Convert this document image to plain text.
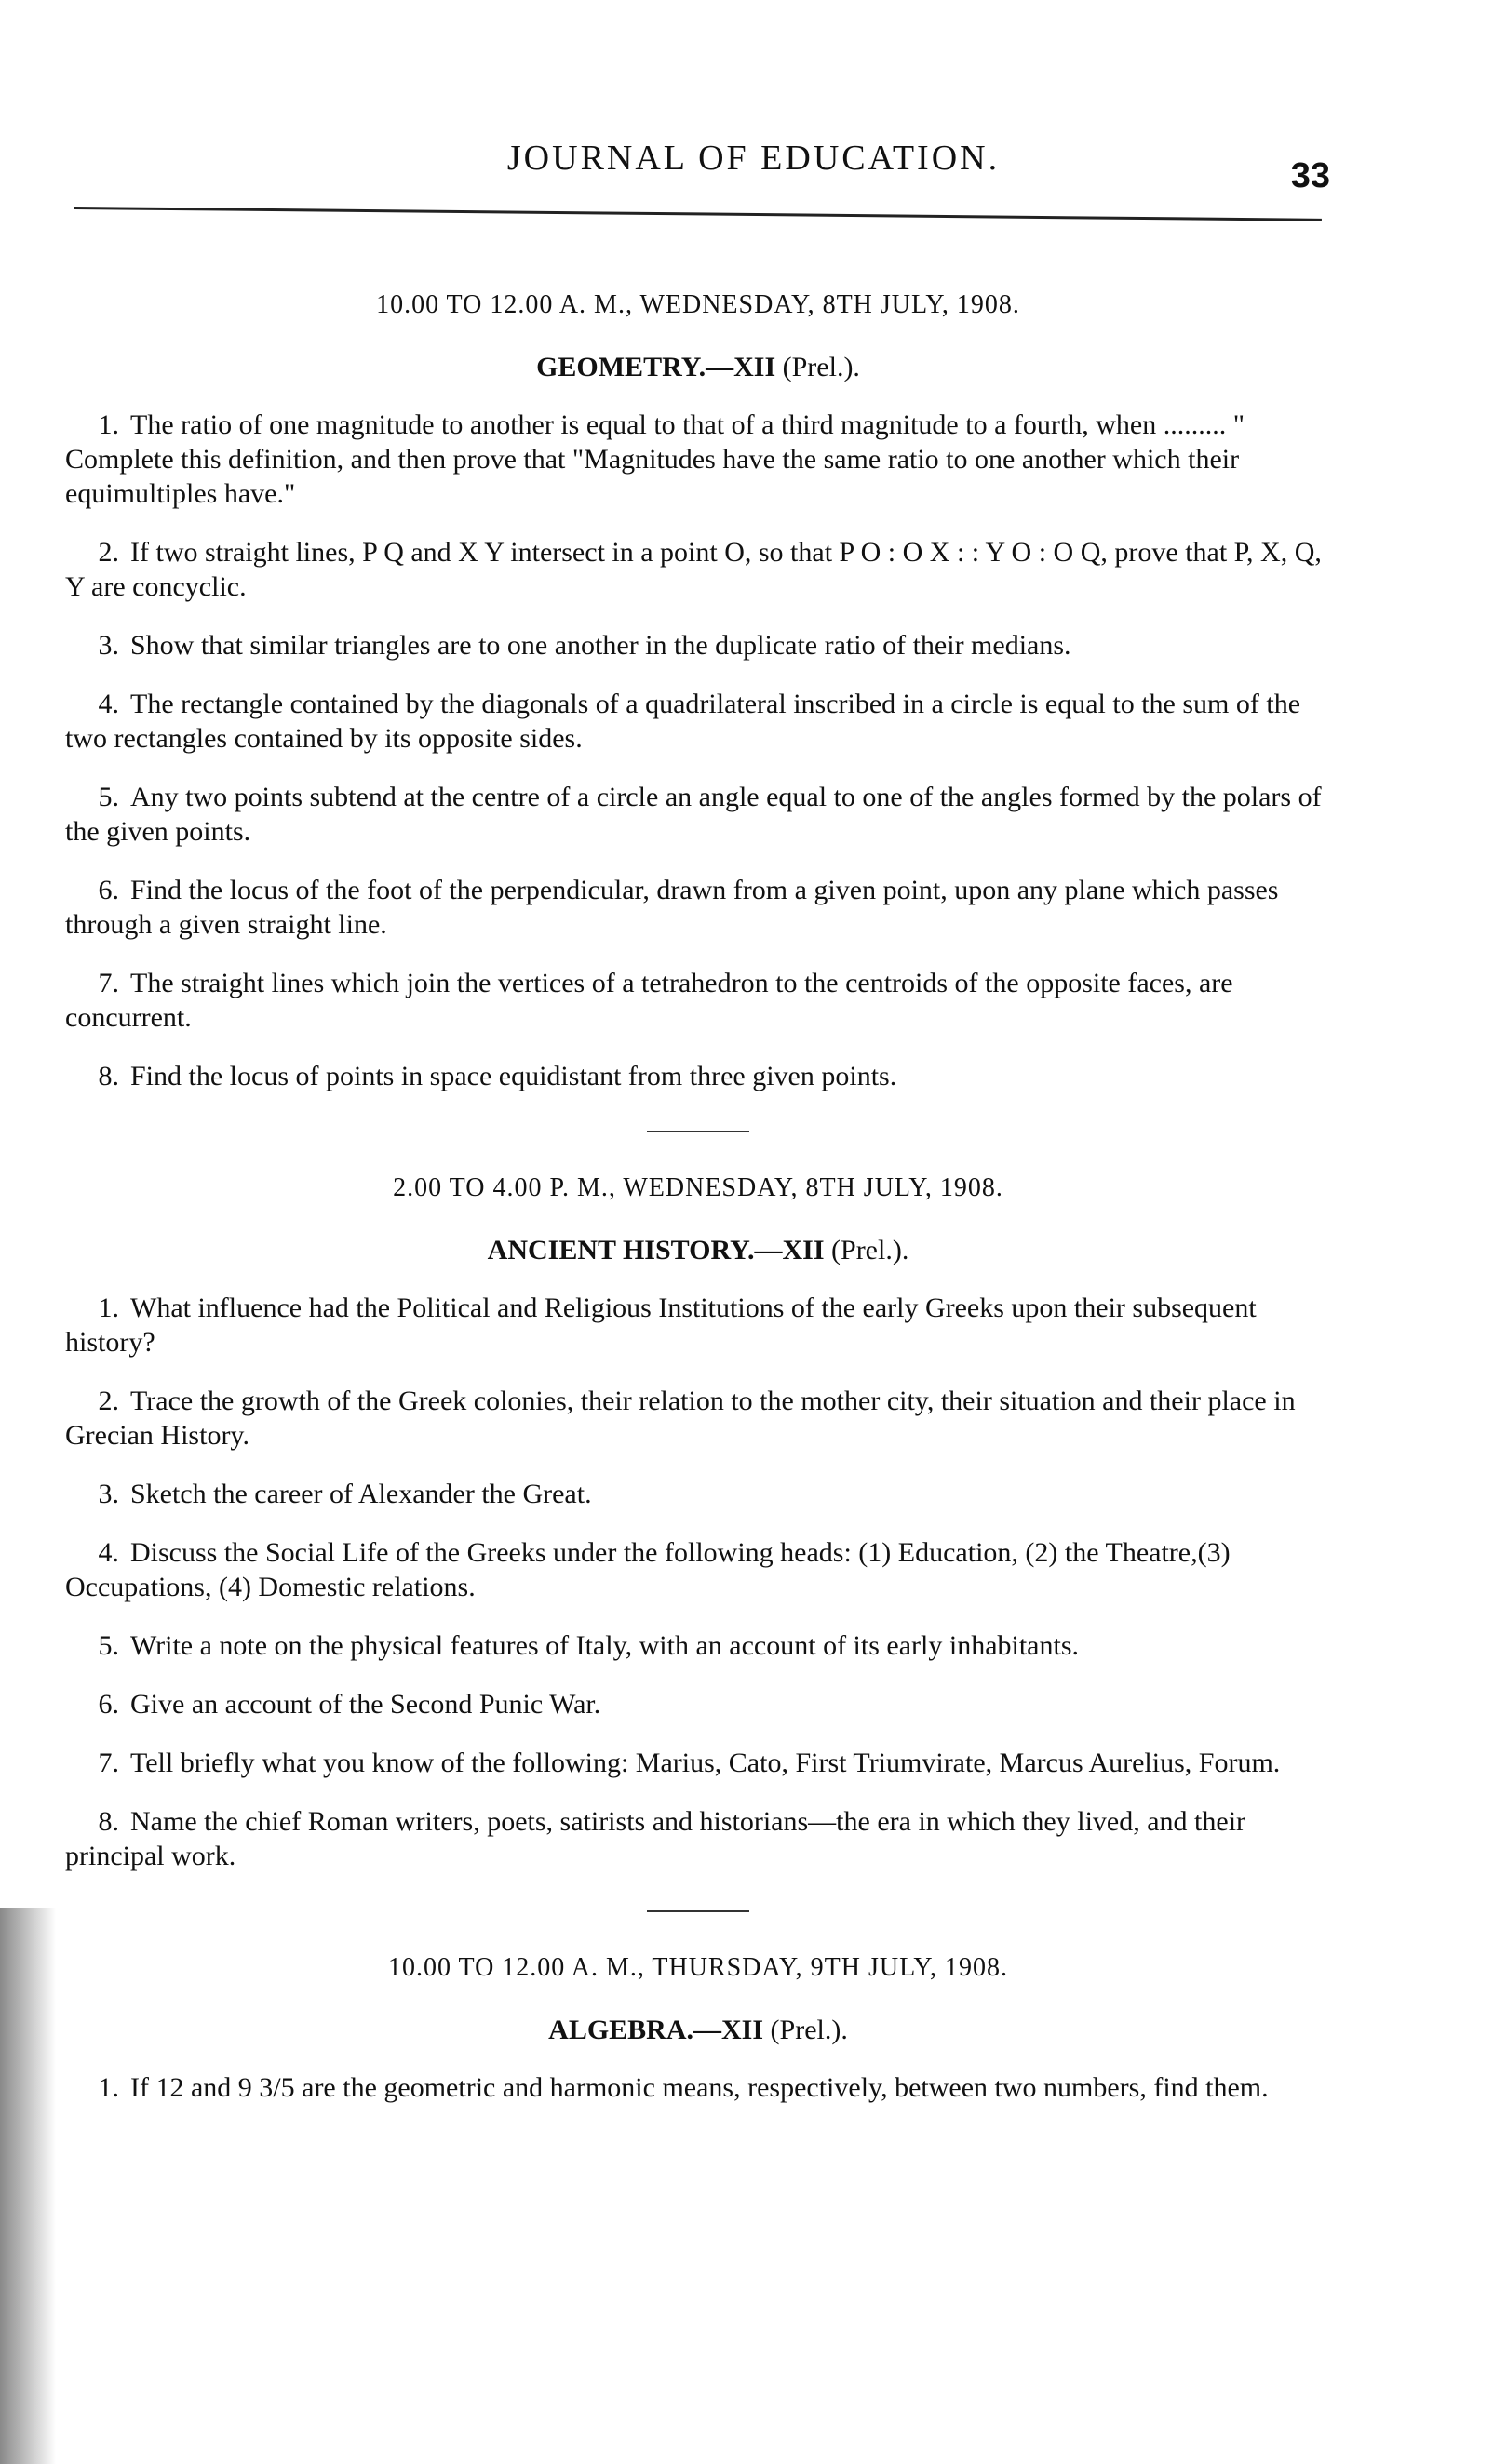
JOURNAL OF EDUCATION.	33

10.00 TO 12.00 A. M., WEDNESDAY, 8TH JULY, 1908.

GEOMETRY.—XII (Prel.).

1. The ratio of one magnitude to another is equal to that of a third magnitude to a fourth, when ......... " Complete this definition, and then prove that "Magnitudes have the same ratio to one another which their equimultiples have."

2. If two straight lines, P Q and X Y intersect in a point O, so that P O : O X : : Y O : O Q, prove that P, X, Q, Y are concyclic.

3. Show that similar triangles are to one another in the duplicate ratio of their medians.

4. The rectangle contained by the diagonals of a quadrilateral inscribed in a circle is equal to the sum of the two rectangles contained by its opposite sides.

5. Any two points subtend at the centre of a circle an angle equal to one of the angles formed by the polars of the given points.

6. Find the locus of the foot of the perpendicular, drawn from a given point, upon any plane which passes through a given straight line.

7. The straight lines which join the vertices of a tetrahedron to the centroids of the opposite faces, are concurrent.

8. Find the locus of points in space equidistant from three given points.

2.00 TO 4.00 P. M., WEDNESDAY, 8TH JULY, 1908.

ANCIENT HISTORY.—XII (Prel.).

1. What influence had the Political and Religious Institutions of the early Greeks upon their subsequent history?

2. Trace the growth of the Greek colonies, their relation to the mother city, their situation and their place in Grecian History.

3. Sketch the career of Alexander the Great.

4. Discuss the Social Life of the Greeks under the following heads: (1) Education, (2) the Theatre,(3) Occupations, (4) Domestic relations.

5. Write a note on the physical features of Italy, with an account of its early inhabitants.

6. Give an account of the Second Punic War.

7. Tell briefly what you know of the following: Marius, Cato, First Triumvirate, Marcus Aurelius, Forum.

8. Name the chief Roman writers, poets, satirists and historians—the era in which they lived, and their principal work.

10.00 TO 12.00 A. M., THURSDAY, 9TH JULY, 1908.

ALGEBRA.—XII (Prel.).

1. If 12 and 9 3/5 are the geometric and harmonic means, respectively, between two numbers, find them.
